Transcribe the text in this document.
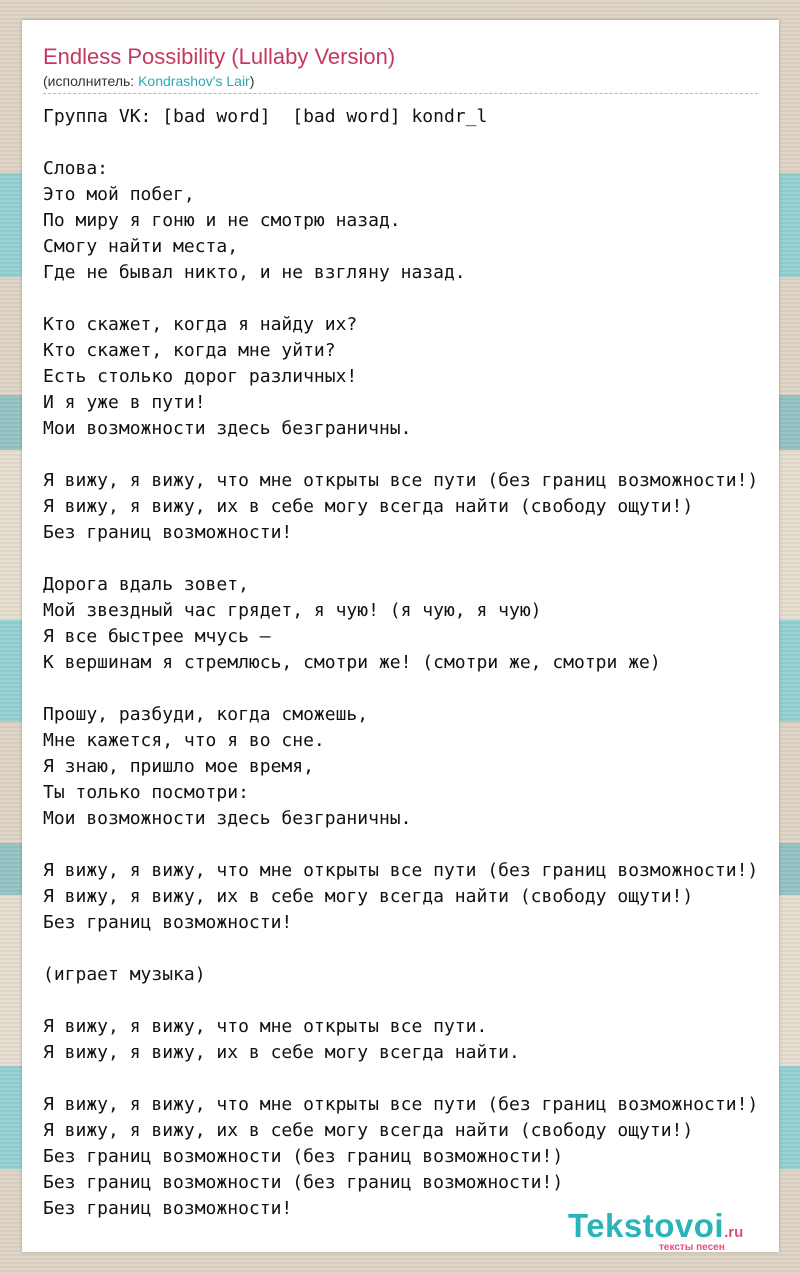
Endless Possibility (Lullaby Version)
(исполнитель: Kondrashov's Lair)
Группа VK: [bad word]  [bad word] kondr_l

Слова:
Это мой побег,
По миру я гоню и не смотрю назад.
Смогу найти места,
Где не бывал никто, и не взгляну назад.

Кто скажет, когда я найду их?
Кто скажет, когда мне уйти?
Есть столько дорог различных!
И я уже в пути!
Мои возможности здесь безграничны.

Я вижу, я вижу, что мне открыты все пути (без границ возможности!)
Я вижу, я вижу, их в себе могу всегда найти (свободу ощути!)
Без границ возможности!

Дорога вдаль зовет,
Мой звездный час грядет, я чую! (я чую, я чую)
Я все быстрее мчусь –
К вершинам я стремлюсь, смотри же! (смотри же, смотри же)

Прошу, разбуди, когда сможешь,
Мне кажется, что я во сне.
Я знаю, пришло мое время,
Ты только посмотри:
Мои возможности здесь безграничны.

Я вижу, я вижу, что мне открыты все пути (без границ возможности!)
Я вижу, я вижу, их в себе могу всегда найти (свободу ощути!)
Без границ возможности!

(играет музыка)

Я вижу, я вижу, что мне открыты все пути.
Я вижу, я вижу, их в себе могу всегда найти.

Я вижу, я вижу, что мне открыты все пути (без границ возможности!)
Я вижу, я вижу, их в себе могу всегда найти (свободу ощути!)
Без границ возможности (без границ возможности!)
Без границ возможности (без границ возможности!)
Без границ возможности!	Tekstovoi.ru
тексты песен
